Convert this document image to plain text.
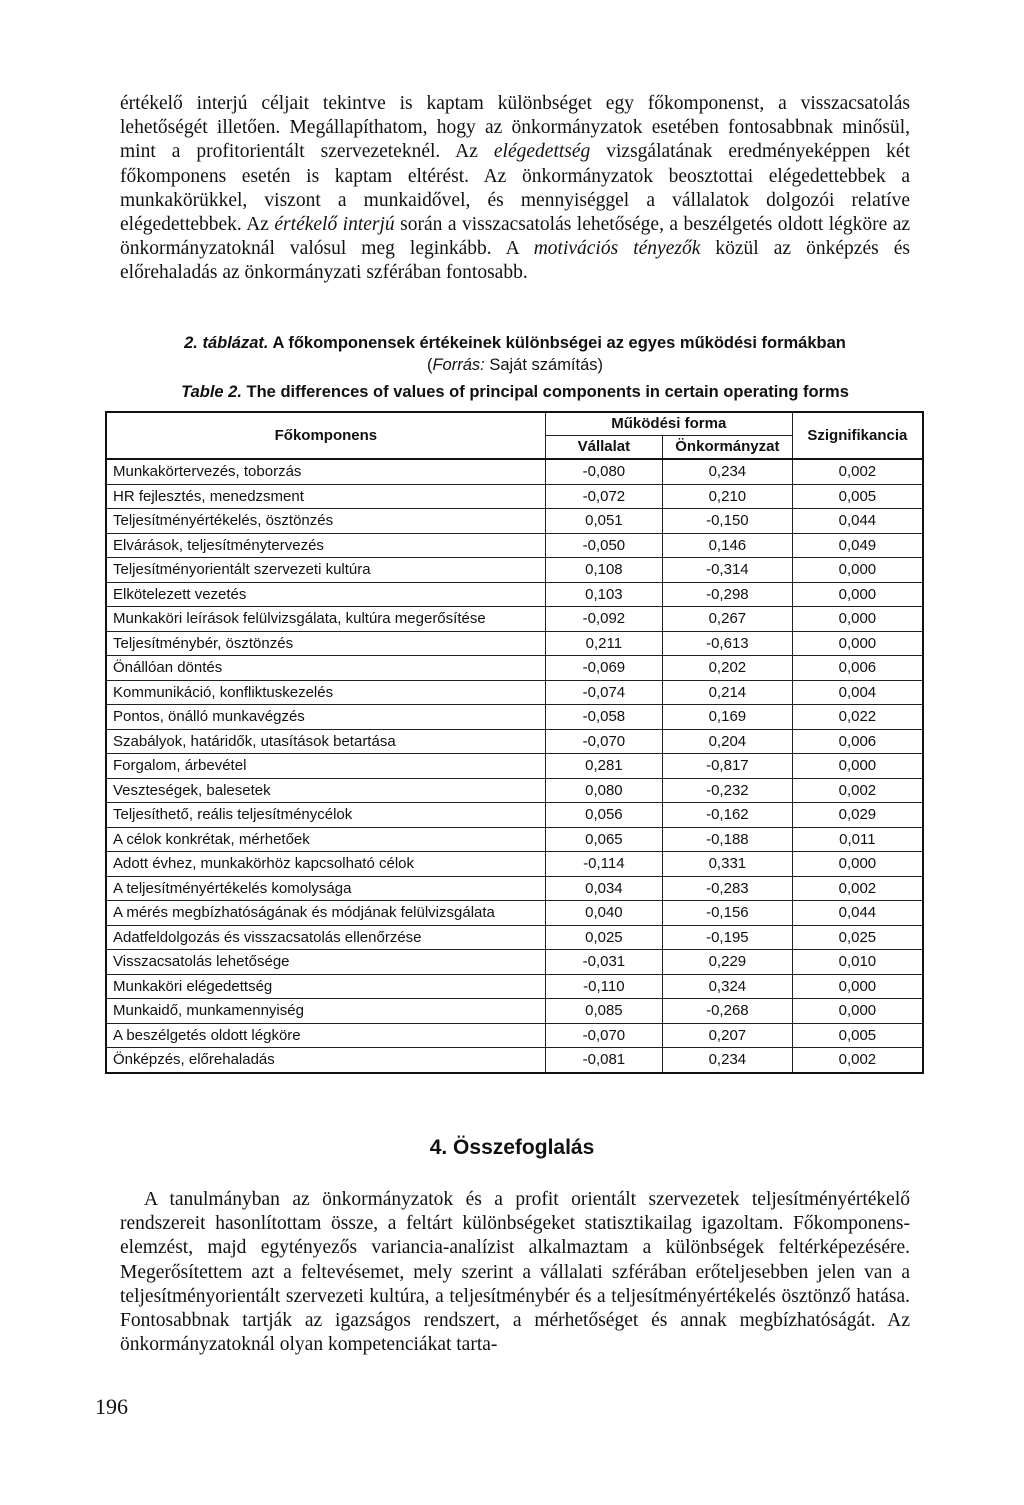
értékelő interjú céljait tekintve is kaptam különbséget egy főkomponenst, a visszacsatolás lehetőségét illetően. Megállapíthatom, hogy az önkormányzatok esetében fontosabbnak minősül, mint a profitorientált szervezeteknél. Az elégedettség vizsgálatának eredményeképpen két főkomponens esetén is kaptam eltérést. Az önkormányzatok beosztottai elégedettebbek a munkakörükkel, viszont a munkaidővel, és mennyiséggel a vállalatok dolgozói relatíve elégedettebbek. Az értékelő interjú során a visszacsatolás lehetősége, a beszélgetés oldott légköre az önkormányzatoknál valósul meg leginkább. A motivációs tényezők közül az önképzés és előrehaladás az önkormányzati szférában fontosabb.

2. táblázat. A főkomponensek értékeinek különbségei az egyes működési formákban

(Forrás: Saját számítás)

Table 2. The differences of values of principal components in certain operating forms

Főkomponens	Működési forma		Szignifikancia
	Vállalat	Önkormányzat	
Munkakörtervezés, toborzás	-0,080	0,234	0,002
HR fejlesztés, menedzsment	-0,072	0,210	0,005
Teljesítményértékelés, ösztönzés	0,051	-0,150	0,044
Elvárások, teljesítménytervezés	-0,050	0,146	0,049
Teljesítményorientált szervezeti kultúra	0,108	-0,314	0,000
Elkötelezett vezetés	0,103	-0,298	0,000
Munkaköri leírások felülvizsgálata, kultúra megerősítése	-0,092	0,267	0,000
Teljesítménybér, ösztönzés	0,211	-0,613	0,000
Önállóan döntés	-0,069	0,202	0,006
Kommunikáció, konfliktuskezelés	-0,074	0,214	0,004
Pontos, önálló munkavégzés	-0,058	0,169	0,022
Szabályok, határidők, utasítások betartása	-0,070	0,204	0,006
Forgalom, árbevétel	0,281	-0,817	0,000
Veszteségek, balesetek	0,080	-0,232	0,002
Teljesíthető, reális teljesítménycélok	0,056	-0,162	0,029
A célok konkrétak, mérhetőek	0,065	-0,188	0,011
Adott évhez, munkakörhöz kapcsolható célok	-0,114	0,331	0,000
A teljesítményértékelés komolysága	0,034	-0,283	0,002
A mérés megbízhatóságának és módjának felülvizsgálata	0,040	-0,156	0,044
Adatfeldolgozás és visszacsatolás ellenőrzése	0,025	-0,195	0,025
Visszacsatolás lehetősége	-0,031	0,229	0,010
Munkaköri elégedettség	-0,110	0,324	0,000
Munkaidő, munkamennyiség	0,085	-0,268	0,000
A beszélgetés oldott légköre	-0,070	0,207	0,005
Önképzés, előrehaladás	-0,081	0,234	0,002
4. Összefoglalás

A tanulmányban az önkormányzatok és a profit orientált szervezetek teljesítményértékelő rendszereit hasonlítottam össze, a feltárt különbségeket statisztikailag igazoltam. Főkomponens-elemzést, majd egytényezős variancia-analízist alkalmaztam a különbségek feltérképezésére. Megerősítettem azt a feltevésemet, mely szerint a vállalati szférában erőteljesebben jelen van a teljesítményorientált szervezeti kultúra, a teljesítménybér és a teljesítményértékelés ösztönző hatása. Fontosabbnak tartják az igazságos rendszert, a mérhetőséget és annak megbízhatóságát. Az önkormányzatoknál olyan kompetenciákat tarta-

196
